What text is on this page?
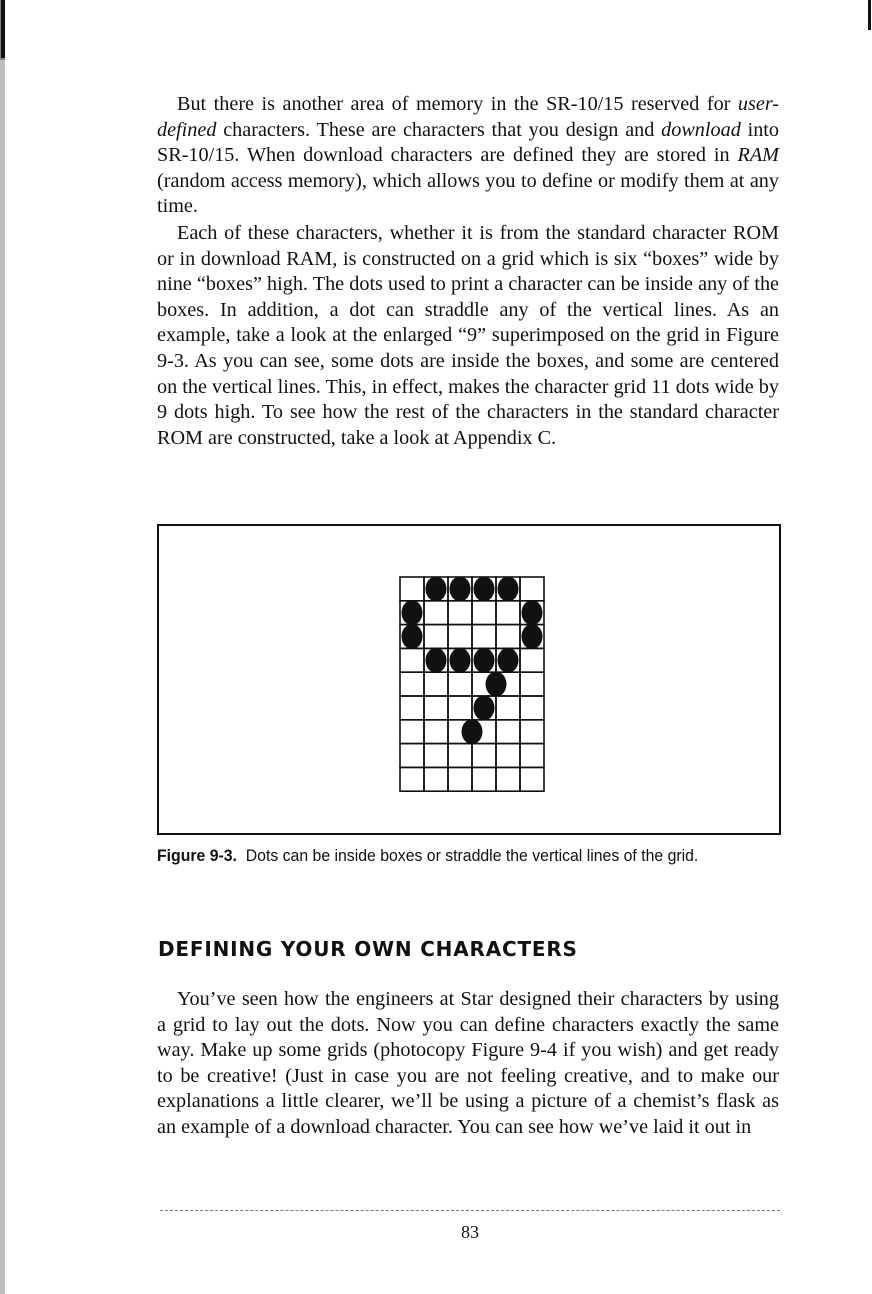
But there is another area of memory in the SR-10/15 reserved for user-defined characters. These are characters that you design and download into SR-10/15. When download characters are defined they are stored in RAM (random access memory), which allows you to define or modify them at any time.

Each of these characters, whether it is from the standard character ROM or in download RAM, is constructed on a grid which is six “boxes” wide by nine “boxes” high. The dots used to print a character can be inside any of the boxes. In addition, a dot can straddle any of the vertical lines. As an example, take a look at the enlarged “9” superimposed on the grid in Figure 9-3. As you can see, some dots are inside the boxes, and some are centered on the vertical lines. This, in effect, makes the character grid 11 dots wide by 9 dots high. To see how the rest of the characters in the standard character ROM are constructed, take a look at Appendix C.

Figure 9-3. Dots can be inside boxes or straddle the vertical lines of the grid.

DEFINING YOUR OWN CHARACTERS

You’ve seen how the engineers at Star designed their characters by using a grid to lay out the dots. Now you can define characters exactly the same way. Make up some grids (photocopy Figure 9-4 if you wish) and get ready to be creative! (Just in case you are not feeling creative, and to make our explanations a little clearer, we’ll be using a picture of a chemist’s flask as an example of a download character. You can see how we’ve laid it out in

83
